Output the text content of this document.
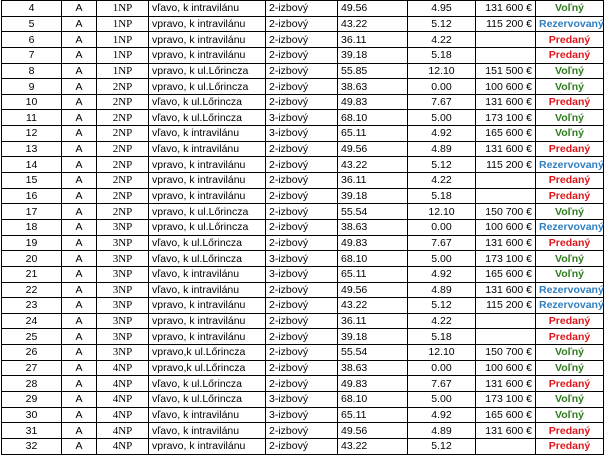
4	A	1NP	vľavo, k intravilánu	2-izbový	49.56	4.95	131 600 €	Voľný
5	A	1NP	vpravo, k intravilánu	2-izbový	43.22	5.12	115 200 €	Rezervovaný
6	A	1NP	vpravo, k intravilánu	2-izbový	36.11	4.22		Predaný
7	A	1NP	vpravo, k intravilánu	2-izbový	39.18	5.18		Predaný
8	A	1NP	vpravo, k ul.Lőrincza	2-izbový	55.85	12.10	151 500 €	Voľný
9	A	2NP	vpravo, k ul.Lőrincza	2-izbový	38.63	0.00	100 600 €	Voľný
10	A	2NP	vľavo, k ul.Lőrincza	2-izbový	49.83	7.67	131 600 €	Predaný
11	A	2NP	vľavo, k ul.Lőrincza	3-izbový	68.10	5.00	173 100 €	Voľný
12	A	2NP	vľavo, k intravilánu	3-izbový	65.11	4.92	165 600 €	Voľný
13	A	2NP	vľavo, k intravilánu	2-izbový	49.56	4.89	131 600 €	Predaný
14	A	2NP	vpravo, k intravilánu	2-izbový	43.22	5.12	115 200 €	Rezervovaný
15	A	2NP	vpravo, k intravilánu	2-izbový	36.11	4.22		Predaný
16	A	2NP	vpravo, k intravilánu	2-izbový	39.18	5.18		Predaný
17	A	2NP	vpravo, k ul.Lőrincza	2-izbový	55.54	12.10	150 700 €	Voľný
18	A	3NP	vpravo, k ul.Lőrincza	2-izbový	38.63	0.00	100 600 €	Rezervovaný
19	A	3NP	vľavo, k ul.Lőrincza	2-izbový	49.83	7.67	131 600 €	Predaný
20	A	3NP	vľavo, k ul.Lőrincza	3-izbový	68.10	5.00	173 100 €	Voľný
21	A	3NP	vľavo, k intravilánu	3-izbový	65.11	4.92	165 600 €	Voľný
22	A	3NP	vľavo, k intravilánu	2-izbový	49.56	4.89	131 600 €	Rezervovaný
23	A	3NP	vpravo, k intravilánu	2-izbový	43.22	5.12	115 200 €	Rezervovaný
24	A	3NP	vpravo, k intravilánu	2-izbový	36.11	4.22		Predaný
25	A	3NP	vpravo, k intravilánu	2-izbový	39.18	5.18		Predaný
26	A	3NP	vpravo,k ul.Lőrincza	2-izbový	55.54	12.10	150 700 €	Voľný
27	A	4NP	vpravo,k ul.Lőrincza	2-izbový	38.63	0.00	100 600 €	Voľný
28	A	4NP	vľavo, k ul.Lőrincza	2-izbový	49.83	7.67	131 600 €	Predaný
29	A	4NP	vľavo, k ul.Lőrincza	3-izbový	68.10	5.00	173 100 €	Voľný
30	A	4NP	vľavo, k intravilánu	3-izbový	65.11	4.92	165 600 €	Voľný
31	A	4NP	vľavo, k intravilánu	2-izbový	49.56	4.89	131 600 €	Predaný
32	A	4NP	vpravo, k intravilánu	2-izbový	43.22	5.12		Predaný
